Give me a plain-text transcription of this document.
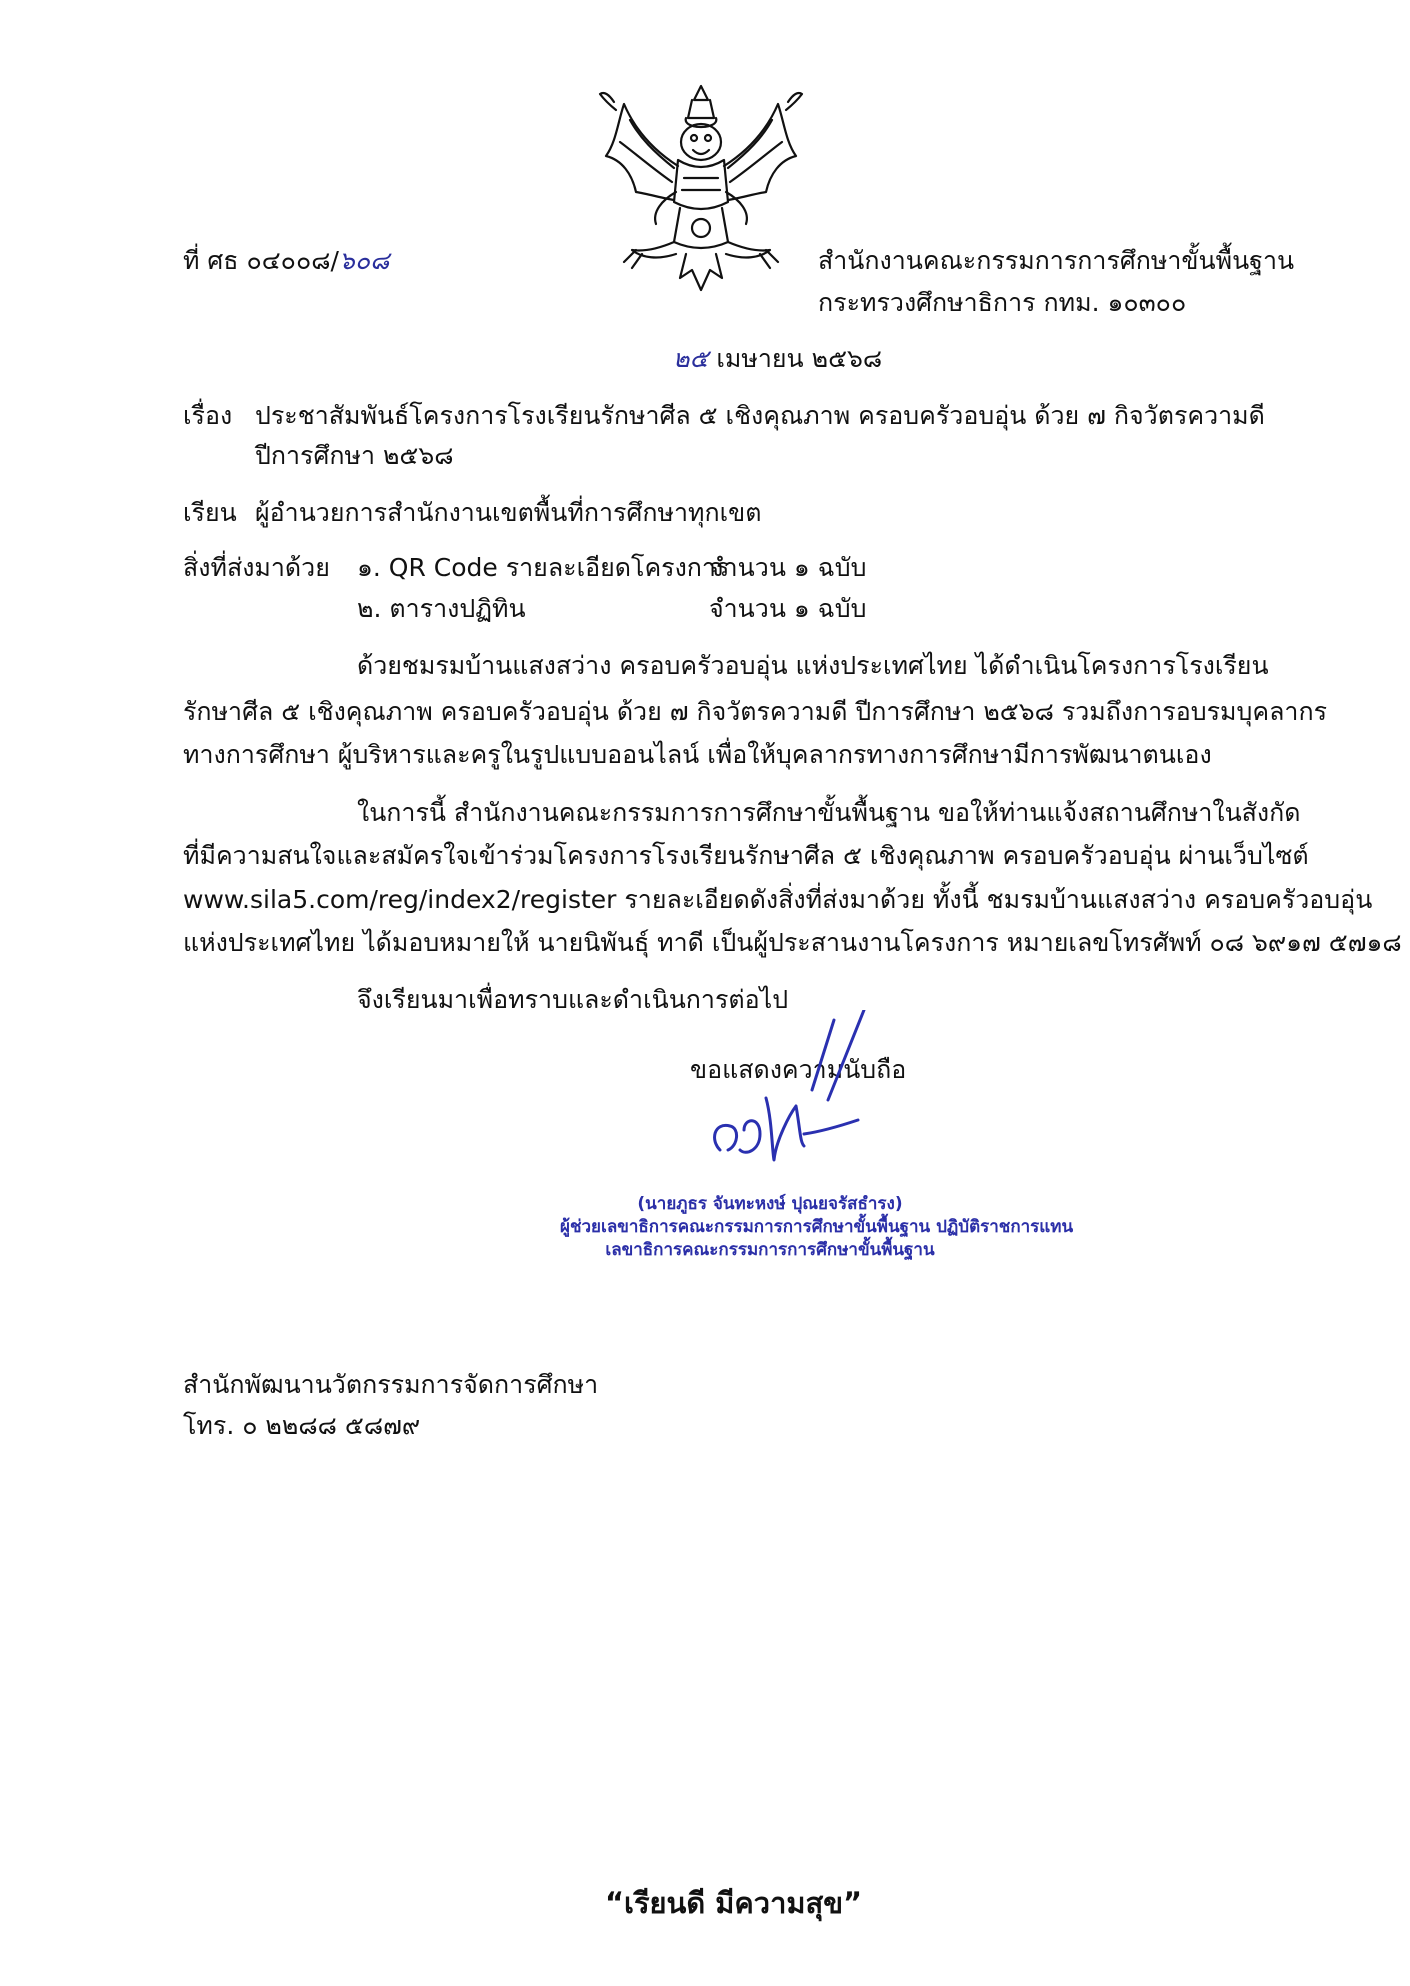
ที่ ศธ ๐๔๐๐๘/๖๐๘	สำนักงานคณะกรรมการการศึกษาขั้นพื้นฐาน
กระทรวงศึกษาธิการ กทม. ๑๐๓๐๐
๒๕ เมษายน ๒๕๖๘
เรื่อง ประชาสัมพันธ์โครงการโรงเรียนรักษาศีล ๕ เชิงคุณภาพ ครอบครัวอบอุ่น ด้วย ๗ กิจวัตรความดี
ปีการศึกษา ๒๕๖๘
เรียน ผู้อำนวยการสำนักงานเขตพื้นที่การศึกษาทุกเขต
สิ่งที่ส่งมาด้วย ๑. QR Code รายละเอียดโครงการ
จำนวน ๑ ฉบับ
๒. ตารางปฏิทิน	จำนวน ๑ ฉบับ
ด้วยชมรมบ้านแสงสว่าง ครอบครัวอบอุ่น แห่งประเทศไทย ได้ดำเนินโครงการโรงเรียน
รักษาศีล ๕ เชิงคุณภาพ ครอบครัวอบอุ่น ด้วย ๗ กิจวัตรความดี ปีการศึกษา ๒๕๖๘ รวมถึงการอบรมบุคลากร
ทางการศึกษา ผู้บริหารและครูในรูปแบบออนไลน์ เพื่อให้บุคลากรทางการศึกษามีการพัฒนาตนเอง
ในการนี้ สำนักงานคณะกรรมการการศึกษาขั้นพื้นฐาน ขอให้ท่านแจ้งสถานศึกษาในสังกัด
ที่มีความสนใจและสมัครใจเข้าร่วมโครงการโรงเรียนรักษาศีล ๕ เชิงคุณภาพ ครอบครัวอบอุ่น ผ่านเว็บไซต์
www.sila5.com/reg/index2/register รายละเอียดดังสิ่งที่ส่งมาด้วย ทั้งนี้ ชมรมบ้านแสงสว่าง ครอบครัวอบอุ่น
แห่งประเทศไทย ได้มอบหมายให้ นายนิพันธุ์ ทาดี เป็นผู้ประสานงานโครงการ หมายเลขโทรศัพท์ ๐๘ ๖๙๑๗ ๕๗๑๘
จึงเรียนมาเพื่อทราบและดำเนินการต่อไป
ขอแสดงความนับถือ
(นายภูธร จันทะหงษ์ ปุณยจรัสธำรง)
ผู้ช่วยเลขาธิการคณะกรรมการการศึกษาขั้นพื้นฐาน ปฏิบัติราชการแทน
เลขาธิการคณะกรรมการการศึกษาขั้นพื้นฐาน
สำนักพัฒนานวัตกรรมการจัดการศึกษา
โทร. ๐ ๒๒๘๘ ๕๘๗๙
“เรียนดี มีความสุข”
